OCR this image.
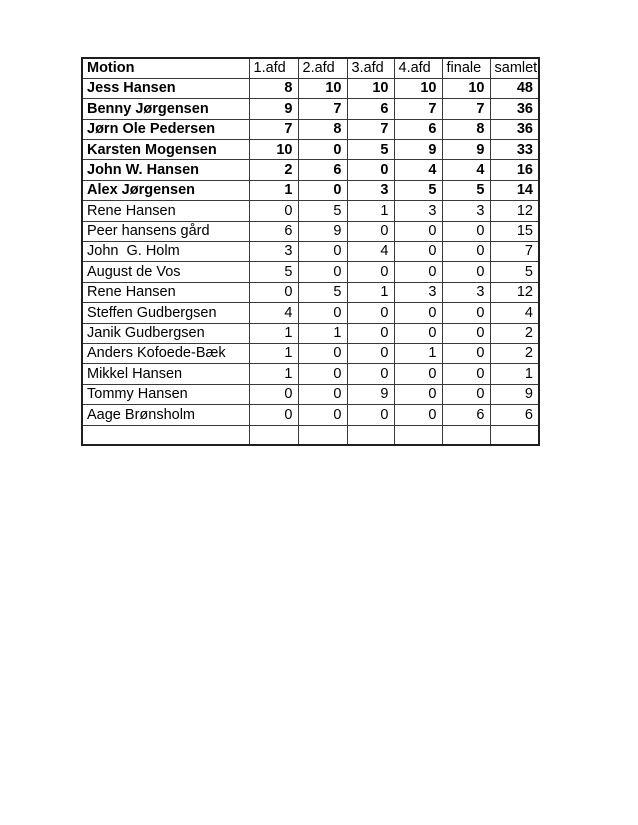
Motion	1.afd	2.afd	3.afd	4.afd	finale	samlet
Jess Hansen	8	10	10	10	10	48
Benny Jørgensen	9	7	6	7	7	36
Jørn Ole Pedersen	7	8	7	6	8	36
Karsten Mogensen	10	0	5	9	9	33
John W. Hansen	2	6	0	4	4	16
Alex Jørgensen	1	0	3	5	5	14
Rene Hansen	0	5	1	3	3	12
Peer hansens gård	6	9	0	0	0	15
John  G. Holm	3	0	4	0	0	7
August de Vos	5	0	0	0	0	5
Rene Hansen	0	5	1	3	3	12
Steffen Gudbergsen	4	0	0	0	0	4
Janik Gudbergsen	1	1	0	0	0	2
Anders Kofoede-Bæk	1	0	0	1	0	2
Mikkel Hansen	1	0	0	0	0	1
Tommy Hansen	0	0	9	0	0	9
Aage Brønsholm	0	0	0	0	6	6
